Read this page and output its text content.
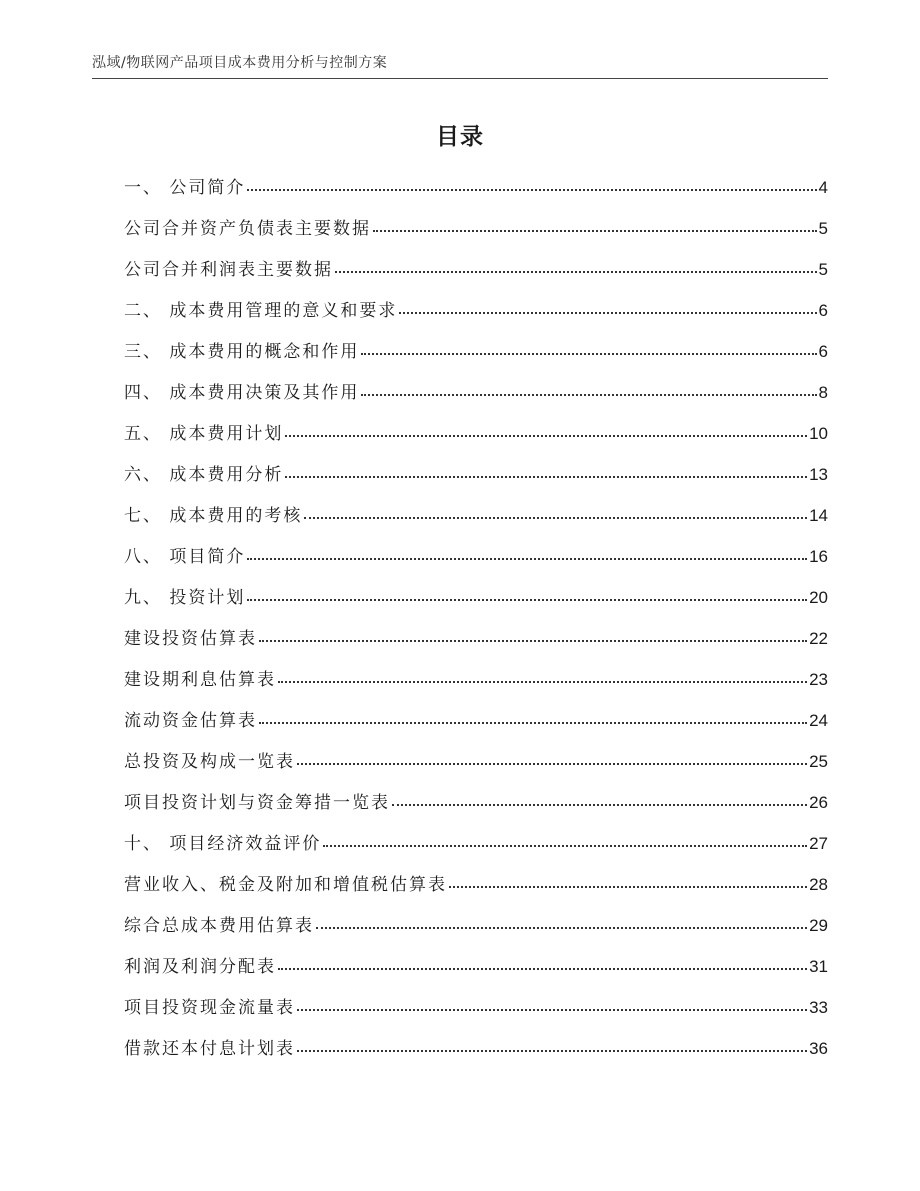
泓域/物联网产品项目成本费用分析与控制方案
目录
一、 公司简介	4
公司合并资产负债表主要数据	5
公司合并利润表主要数据	5
二、 成本费用管理的意义和要求	6
三、 成本费用的概念和作用	6
四、 成本费用决策及其作用	8
五、 成本费用计划	10
六、 成本费用分析	13
七、 成本费用的考核	14
八、 项目简介	16
九、 投资计划	20
建设投资估算表	22
建设期利息估算表	23
流动资金估算表	24
总投资及构成一览表	25
项目投资计划与资金筹措一览表	26
十、 项目经济效益评价	27
营业收入、税金及附加和增值税估算表	28
综合总成本费用估算表	29
利润及利润分配表	31
项目投资现金流量表	33
借款还本付息计划表	36
